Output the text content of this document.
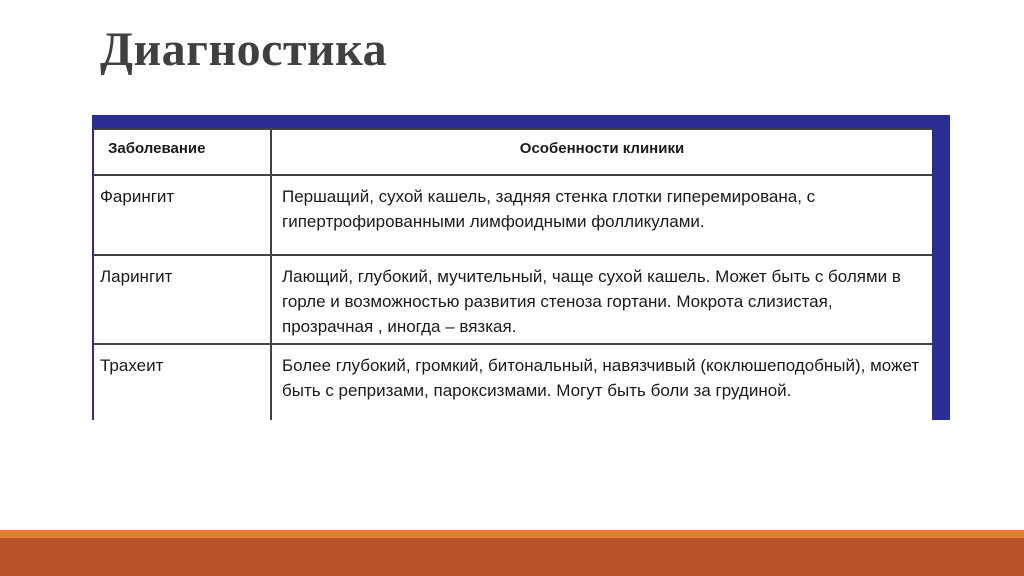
Диагностика
Заболевание	Особенности клиники

Фарингит	Першащий, сухой кашель, задняя стенка глотки гиперемирована, с гипертрофированными лимфоидными фолликулами.

Ларингит	Лающий, глубокий, мучительный, чаще сухой кашель. Может быть с болями в горле и возможностью развития стеноза гортани. Мокрота слизистая, прозрачная , иногда – вязкая.

Трахеит	Более глубокий, громкий, битональный, навязчивый (коклюшеподобный), может быть с репризами, пароксизмами. Могут быть боли за грудиной.
